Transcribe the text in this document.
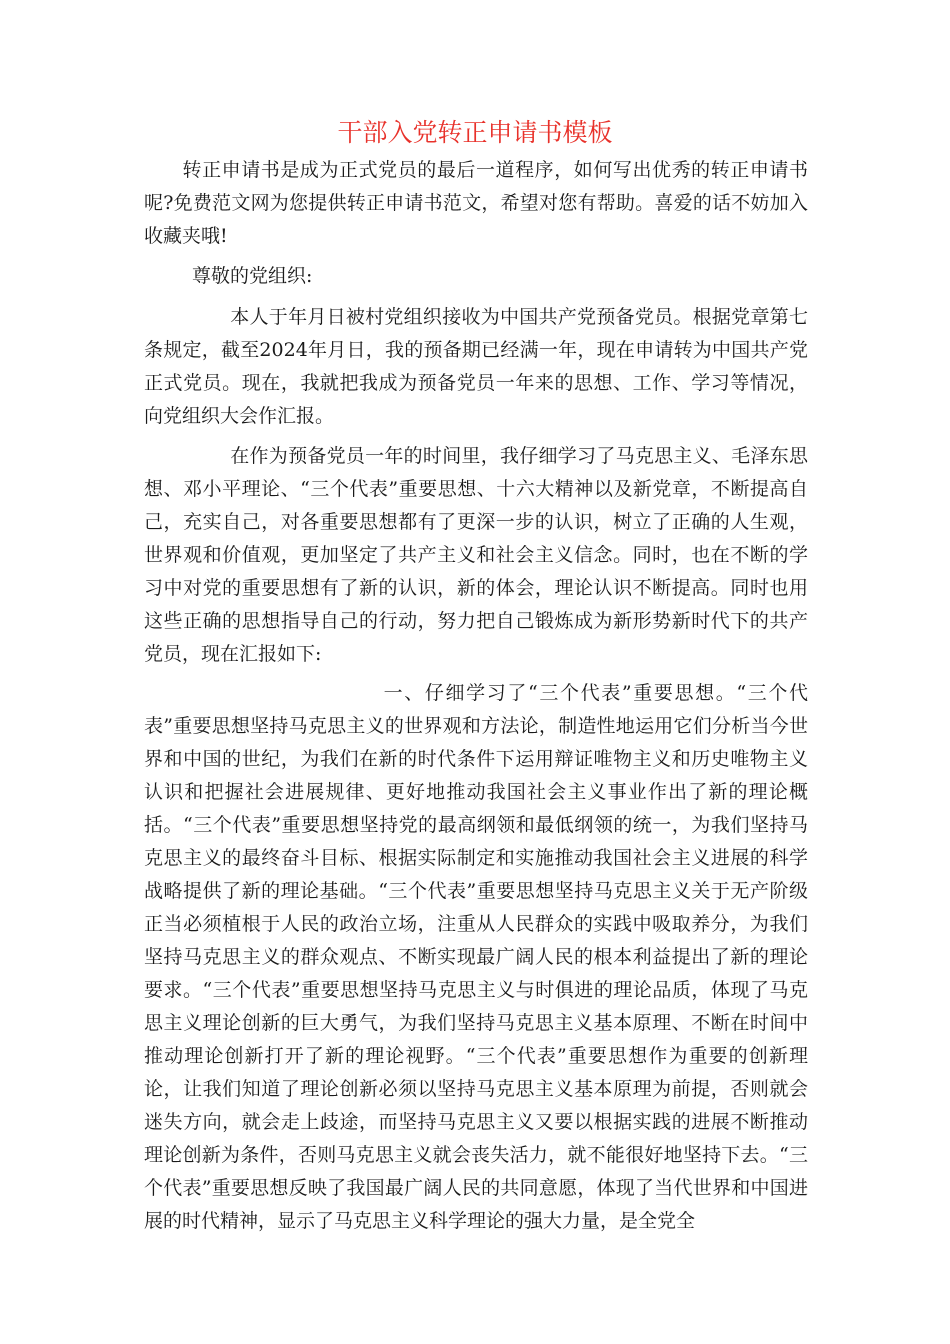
干部入党转正申请书模板

转正申请书是成为正式党员的最后一道程序，如何写出优秀的转正申请书呢?免费范文网为您提供转正申请书范文，希望对您有帮助。喜爱的话不妨加入收藏夹哦!

尊敬的党组织:

本人于年月日被村党组织接收为中国共产党预备党员。根据党章第七条规定，截至2024年月日，我的预备期已经满一年，现在申请转为中国共产党正式党员。现在，我就把我成为预备党员一年来的思想、工作、学习等情况，向党组织大会作汇报。

在作为预备党员一年的时间里，我仔细学习了马克思主义、毛泽东思想、邓小平理论、“三个代表”重要思想、十六大精神以及新党章，不断提高自己，充实自己，对各重要思想都有了更深一步的认识，树立了正确的人生观，世界观和价值观，更加坚定了共产主义和社会主义信念。同时，也在不断的学习中对党的重要思想有了新的认识，新的体会，理论认识不断提高。同时也用这些正确的思想指导自己的行动，努力把自己锻炼成为新形势新时代下的共产党员，现在汇报如下:

一、仔细学习了“三个代表”重要思想。“三个代表”重要思想坚持马克思主义的世界观和方法论，制造性地运用它们分析当今世界和中国的世纪，为我们在新的时代条件下运用辩证唯物主义和历史唯物主义认识和把握社会进展规律、更好地推动我国社会主义事业作出了新的理论概括。“三个代表”重要思想坚持党的最高纲领和最低纲领的统一，为我们坚持马克思主义的最终奋斗目标、根据实际制定和实施推动我国社会主义进展的科学战略提供了新的理论基础。“三个代表”重要思想坚持马克思主义关于无产阶级正当必须植根于人民的政治立场，注重从人民群众的实践中吸取养分，为我们坚持马克思主义的群众观点、不断实现最广阔人民的根本利益提出了新的理论要求。“三个代表”重要思想坚持马克思主义与时俱进的理论品质，体现了马克思主义理论创新的巨大勇气，为我们坚持马克思主义基本原理、不断在时间中推动理论创新打开了新的理论视野。“三个代表”重要思想作为重要的创新理论，让我们知道了理论创新必须以坚持马克思主义基本原理为前提，否则就会迷失方向，就会走上歧途，而坚持马克思主义又要以根据实践的进展不断推动理论创新为条件，否则马克思主义就会丧失活力，就不能很好地坚持下去。“三个代表”重要思想反映了我国最广阔人民的共同意愿，体现了当代世界和中国进展的时代精神，显示了马克思主义科学理论的强大力量，是全党全
